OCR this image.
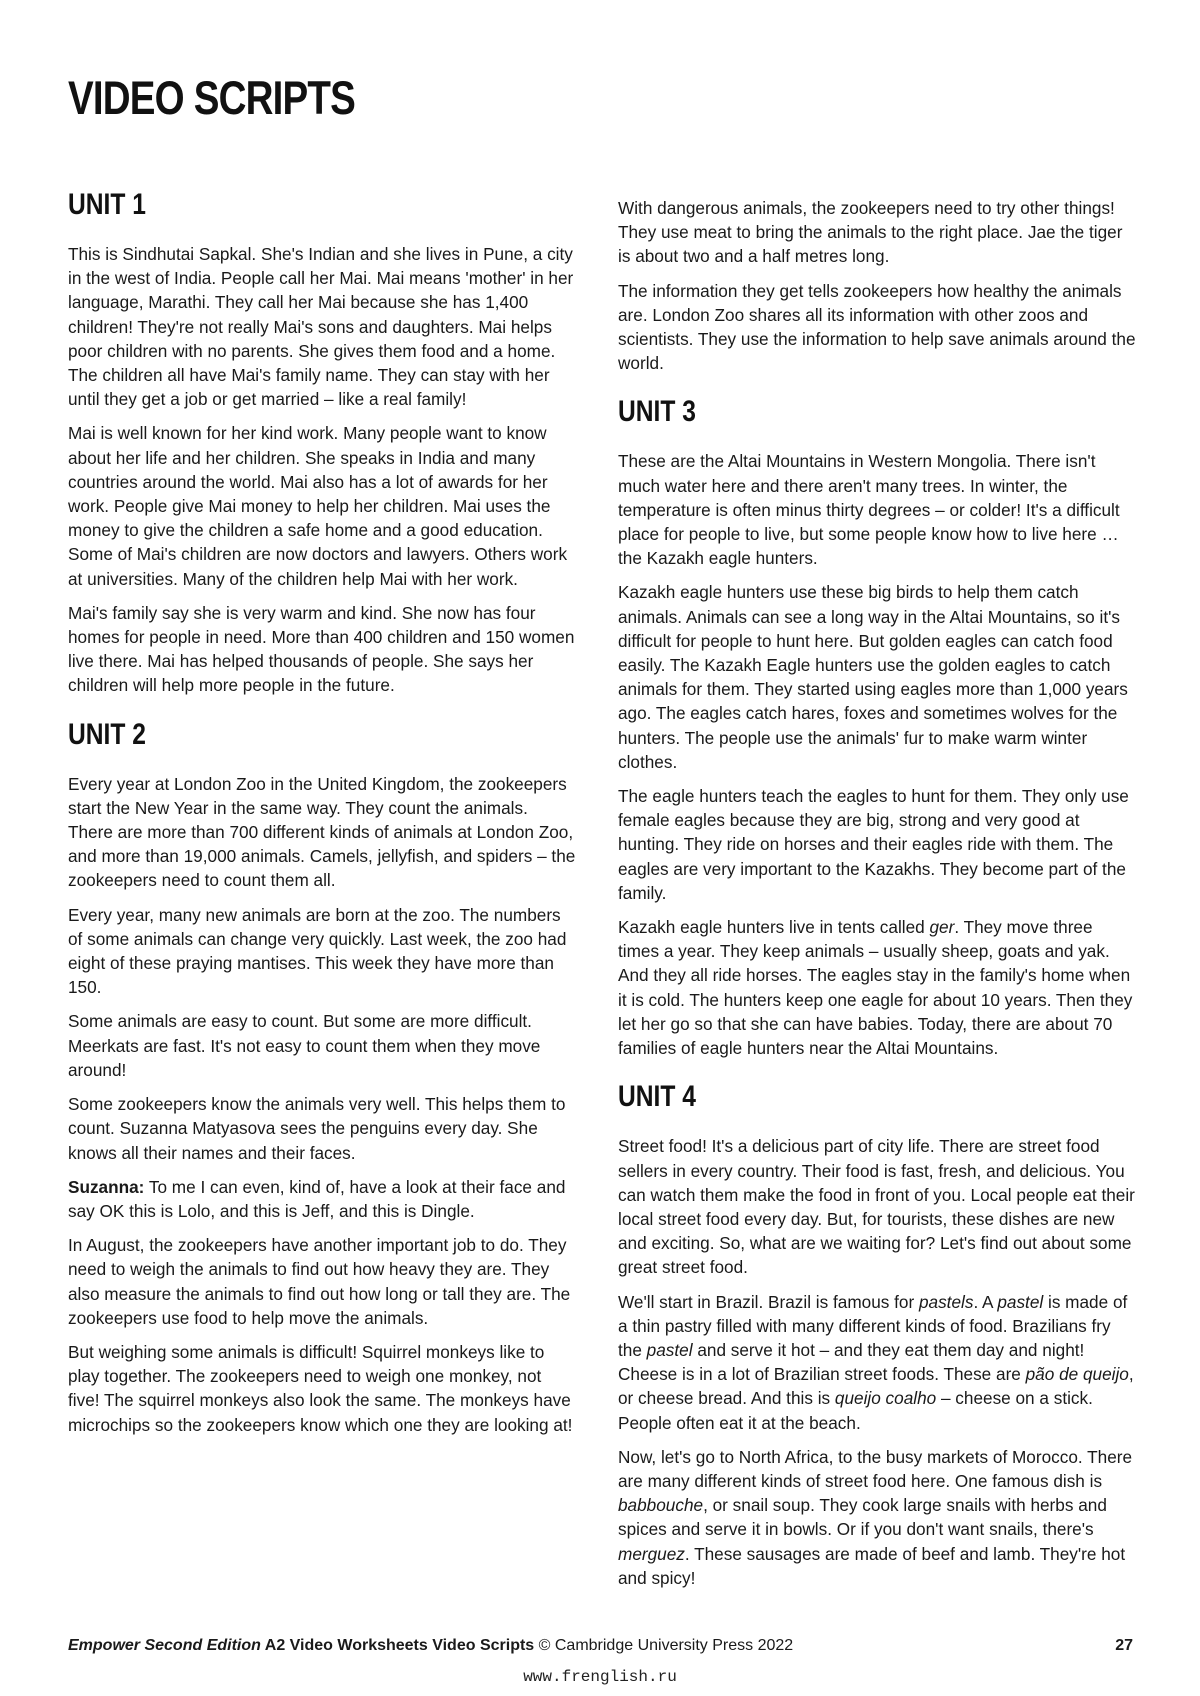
VIDEO SCRIPTS
UNIT 1

This is Sindhutai Sapkal. She's Indian and she lives in Pune, a city in the west of India. People call her Mai. Mai means 'mother' in her language, Marathi. They call her Mai because she has 1,400 children! They're not really Mai's sons and daughters. Mai helps poor children with no parents. She gives them food and a home. The children all have Mai's family name. They can stay with her until they get a job or get married – like a real family!

Mai is well known for her kind work. Many people want to know about her life and her children. She speaks in India and many countries around the world. Mai also has a lot of awards for her work. People give Mai money to help her children. Mai uses the money to give the children a safe home and a good education. Some of Mai's children are now doctors and lawyers. Others work at universities. Many of the children help Mai with her work.

Mai's family say she is very warm and kind. She now has four homes for people in need. More than 400 children and 150 women live there. Mai has helped thousands of people. She says her children will help more people in the future.

UNIT 2

Every year at London Zoo in the United Kingdom, the zookeepers start the New Year in the same way. They count the animals. There are more than 700 different kinds of animals at London Zoo, and more than 19,000 animals. Camels, jellyfish, and spiders – the zookeepers need to count them all.

Every year, many new animals are born at the zoo. The numbers of some animals can change very quickly. Last week, the zoo had eight of these praying mantises. This week they have more than 150.

Some animals are easy to count. But some are more difficult. Meerkats are fast. It's not easy to count them when they move around!

Some zookeepers know the animals very well. This helps them to count. Suzanna Matyasova sees the penguins every day. She knows all their names and their faces.

Suzanna: To me I can even, kind of, have a look at their face and say OK this is Lolo, and this is Jeff, and this is Dingle.

In August, the zookeepers have another important job to do. They need to weigh the animals to find out how heavy they are. They also measure the animals to find out how long or tall they are. The zookeepers use food to help move the animals.

But weighing some animals is difficult! Squirrel monkeys like to play together. The zookeepers need to weigh one monkey, not five! The squirrel monkeys also look the same. The monkeys have microchips so the zookeepers know which one they are looking at!

With dangerous animals, the zookeepers need to try other things! They use meat to bring the animals to the right place. Jae the tiger is about two and a half metres long.

The information they get tells zookeepers how healthy the animals are. London Zoo shares all its information with other zoos and scientists. They use the information to help save animals around the world.

UNIT 3

These are the Altai Mountains in Western Mongolia. There isn't much water here and there aren't many trees. In winter, the temperature is often minus thirty degrees – or colder! It's a difficult place for people to live, but some people know how to live here … the Kazakh eagle hunters.

Kazakh eagle hunters use these big birds to help them catch animals. Animals can see a long way in the Altai Mountains, so it's difficult for people to hunt here. But golden eagles can catch food easily. The Kazakh Eagle hunters use the golden eagles to catch animals for them. They started using eagles more than 1,000 years ago. The eagles catch hares, foxes and sometimes wolves for the hunters. The people use the animals' fur to make warm winter clothes.

The eagle hunters teach the eagles to hunt for them. They only use female eagles because they are big, strong and very good at hunting. They ride on horses and their eagles ride with them. The eagles are very important to the Kazakhs. They become part of the family.

Kazakh eagle hunters live in tents called ger. They move three times a year. They keep animals – usually sheep, goats and yak. And they all ride horses. The eagles stay in the family's home when it is cold. The hunters keep one eagle for about 10 years. Then they let her go so that she can have babies. Today, there are about 70 families of eagle hunters near the Altai Mountains.

UNIT 4

Street food! It's a delicious part of city life. There are street food sellers in every country. Their food is fast, fresh, and delicious. You can watch them make the food in front of you. Local people eat their local street food every day. But, for tourists, these dishes are new and exciting. So, what are we waiting for? Let's find out about some great street food.

We'll start in Brazil. Brazil is famous for pastels. A pastel is made of a thin pastry filled with many different kinds of food. Brazilians fry the pastel and serve it hot – and they eat them day and night! Cheese is in a lot of Brazilian street foods. These are pão de queijo, or cheese bread. And this is queijo coalho – cheese on a stick. People often eat it at the beach.

Now, let's go to North Africa, to the busy markets of Morocco. There are many different kinds of street food here. One famous dish is babbouche, or snail soup. They cook large snails with herbs and spices and serve it in bowls. Or if you don't want snails, there's merguez. These sausages are made of beef and lamb. They're hot and spicy!

Empower Second Edition A2 Video Worksheets Video Scripts © Cambridge University Press 2022	27
www.frenglish.ru
